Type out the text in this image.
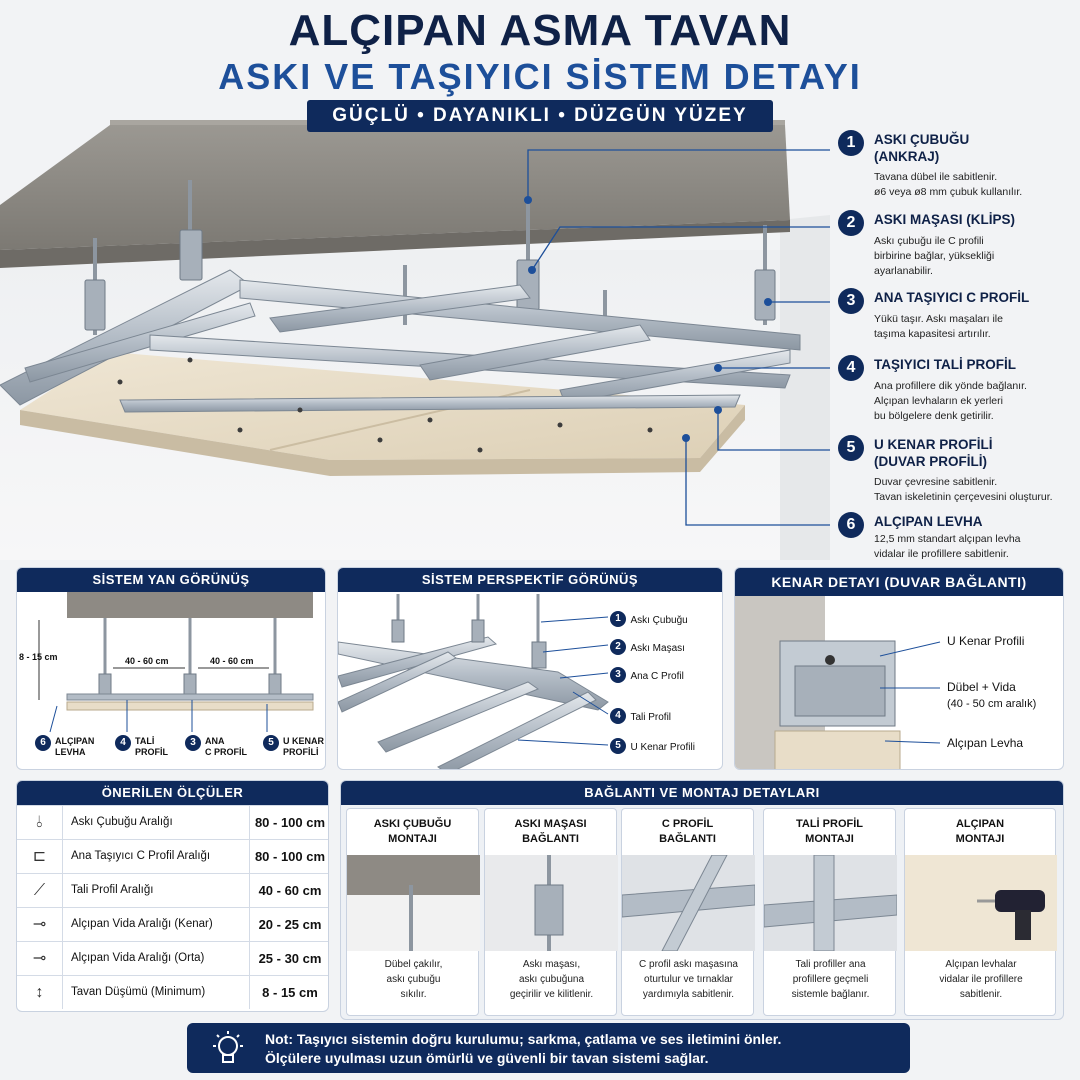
ALÇIPAN ASMA TAVAN
ASKI VE TAŞIYICI SİSTEM DETAYI
GÜÇLÜ • DAYANIKLI • DÜZGÜN YÜZEY
1	ASKI ÇUBUĞU
(ANKRAJ)
Tavana dübel ile sabitlenir.
ø6 veya ø8 mm çubuk kullanılır.
2	ASKI MAŞASI (KLİPS)
Askı çubuğu ile C profili
birbirine bağlar, yüksekliği
ayarlanabilir.
3	ANA TAŞIYICI C PROFİL
Yükü taşır. Askı maşaları ile
taşıma kapasitesi artırılır.
4	TAŞIYICI TALİ PROFİL
Ana profillere dik yönde bağlanır.
Alçıpan levhaların ek yerleri
bu bölgelere denk getirilir.
5	U KENAR PROFİLİ
(DUVAR PROFİLİ)
Duvar çevresine sabitlenir.
Tavan iskeletinin çerçevesini oluşturur.
6	ALÇIPAN LEVHA
12,5 mm standart alçıpan levha
vidalar ile profillere sabitlenir.
SİSTEM YAN GÖRÜNÜŞ
8 - 15 cm	40 - 60 cm	40 - 60 cm
6 ALÇIPAN
LEVHA
4 TALİ
PROFİL
3 ANA
C PROFİL
5 U KENAR
PROFİLİ
SİSTEM PERSPEKTİF GÖRÜNÜŞ
1 Askı Çubuğu
2 Askı Maşası
3 Ana C Profil
4 Tali Profil
5 U Kenar Profili
KENAR DETAYI (DUVAR BAĞLANTI)
U Kenar Profili
Dübel + Vida
(40 - 50 cm aralık)
Alçıpan Levha
ÖNERİLEN ÖLÇÜLER
⫰	Askı Çubuğu Aralığı	80 - 100 cm
⊏	Ana Taşıyıcı C Profil Aralığı	80 - 100 cm
⟋	Tali Profil Aralığı	40 - 60 cm
⊸	Alçıpan Vida Aralığı (Kenar)	20 - 25 cm
⊸	Alçıpan Vida Aralığı (Orta)	25 - 30 cm
↕	Tavan Düşümü (Minimum)	8 - 15 cm
BAĞLANTI VE MONTAJ DETAYLARI
ASKI ÇUBUĞU
MONTAJI
Dübel çakılır,
askı çubuğu
sıkılır.
ASKI MAŞASI
BAĞLANTI
Askı maşası,
askı çubuğuna
geçirilir ve kilitlenir.
C PROFİL
BAĞLANTI
C profil askı maşasına
oturtulur ve tırnaklar
yardımıyla sabitlenir.
TALİ PROFİL
MONTAJI
Tali profiller ana
profillere geçmeli
sistemle bağlanır.
ALÇIPAN
MONTAJI
Alçıpan levhalar
vidalar ile profillere
sabitlenir.
Not: Taşıyıcı sistemin doğru kurulumu; sarkma, çatlama ve ses iletimini önler.
Ölçülere uyulması uzun ömürlü ve güvenli bir tavan sistemi sağlar.
